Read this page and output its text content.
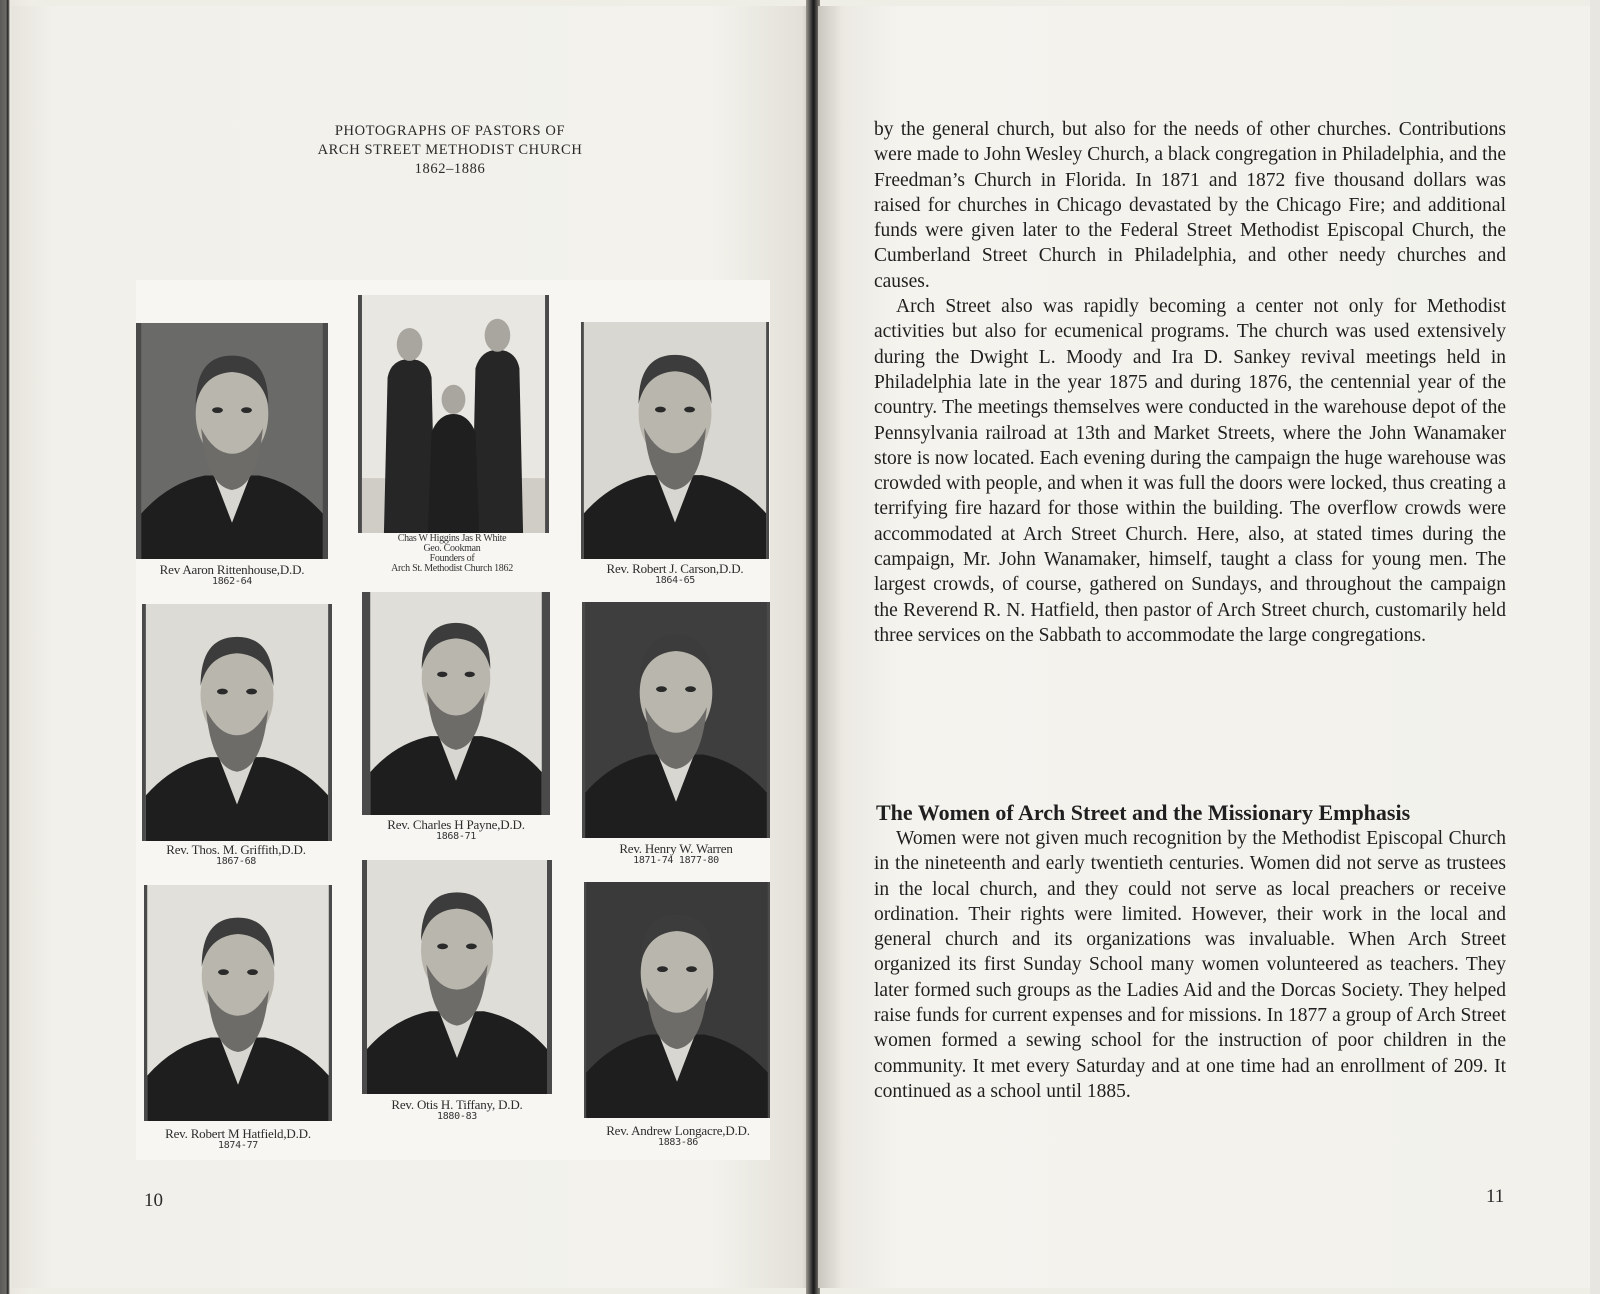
PHOTOGRAPHS OF PASTORS OF
ARCH STREET METHODIST CHURCH
1862–1886
Rev Aaron Rittenhouse,D.D.
1862-64
Chas W Higgins Jas R White
Geo. Cookman
Founders of
Arch St. Methodist Church 1862	Rev. Robert J. Carson,D.D.
1864-65
Rev. Thos. M. Griffith,D.D.
1867-68
Rev. Charles H Payne,D.D.
1868-71
Rev. Henry W. Warren
1871-74 1877-80
Rev. Robert M Hatfield,D.D.
1874-77
Rev. Otis H. Tiffany, D.D.
1880-83
Rev. Andrew Longacre,D.D.
1883-86
10

by the general church, but also for the needs of other churches. Contributions were made to John Wesley Church, a black congregation in Philadelphia, and the Freedman’s Church in Florida. In 1871 and 1872 five thousand dollars was raised for churches in Chicago devastated by the Chicago Fire; and additional funds were given later to the Federal Street Methodist Episcopal Church, the Cumberland Street Church in Philadelphia, and other needy churches and causes.

Arch Street also was rapidly becoming a center not only for Methodist activities but also for ecumenical programs. The church was used extensively during the Dwight L. Moody and Ira D. Sankey revival meetings held in Philadelphia late in the year 1875 and during 1876, the centennial year of the country. The meetings themselves were conducted in the warehouse depot of the Pennsylvania railroad at 13th and Market Streets, where the John Wanamaker store is now located. Each evening during the campaign the huge warehouse was crowded with people, and when it was full the doors were locked, thus creating a terrifying fire hazard for those within the building. The overflow crowds were accommodated at Arch Street Church. Here, also, at stated times during the campaign, Mr. John Wanamaker, himself, taught a class for young men. The largest crowds, of course, gathered on Sundays, and throughout the campaign the Reverend R. N. Hatfield, then pastor of Arch Street church, customarily held three services on the Sabbath to accommodate the large congregations.

The Women of Arch Street and the Missionary Emphasis

Women were not given much recognition by the Methodist Episcopal Church in the nineteenth and early twentieth centuries. Women did not serve as trustees in the local church, and they could not serve as local preachers or receive ordination. Their rights were limited. However, their work in the local and general church and its organizations was invaluable. When Arch Street organized its first Sunday School many women volunteered as teachers. They later formed such groups as the Ladies Aid and the Dorcas Society. They helped raise funds for current expenses and for missions. In 1877 a group of Arch Street women formed a sewing school for the instruction of poor children in the community. It met every Saturday and at one time had an enrollment of 209. It continued as a school until 1885.

11
